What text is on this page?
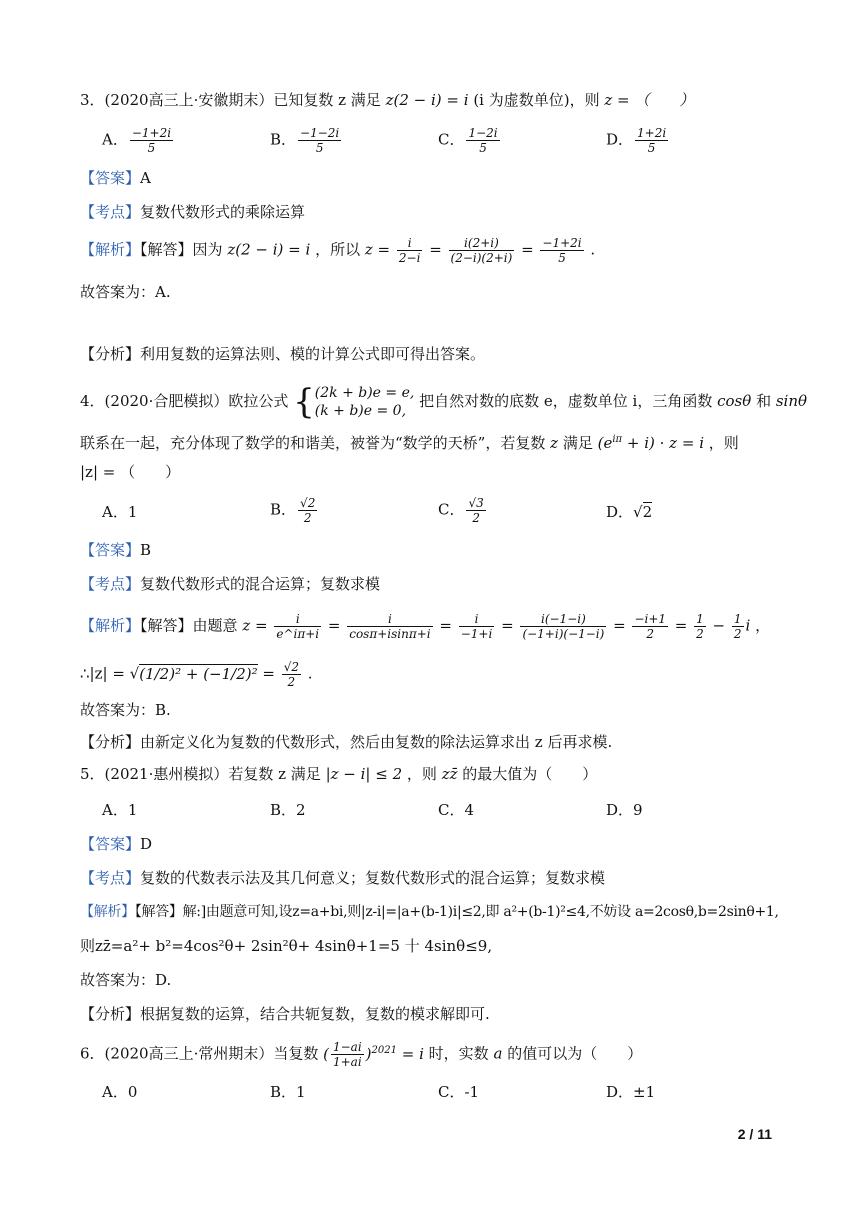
3．(2020高三上·安徽期末）已知复数 z 满足 z(2 − i) = i (i 为虚数单位)，则 z = （　　）
A． $\frac{-1+2i}{5}$	B． $\frac{-1-2i}{5}$	C． $\frac{1-2i}{5}$	D． $\frac{1+2i}{5}$
【答案】A
【考点】复数代数形式的乘除运算
【解析】【解答】因为 z(2 − i) = i ，所以 $z = \frac{i}{2-i} = \frac{i(2+i)}{(2-i)(2+i)} = \frac{-1+2i}{5}$ .
故答案为：A.
【分析】利用复数的运算法则、模的计算公式即可得出答案。
4．(2020·合肥模拟）欧拉公式 { (2k + b)e = e,
(k + b)e = 0,
把自然对数的底数 e，虚数单位 i，三角函数 cosθ 和 sinθ
联系在一起，充分体现了数学的和谐美，被誉为“数学的天桥”，若复数 z 满足 $(e^{i\pi} + i) \cdot z = i$ ，则
|z| = （　　）
A．1	B． $\frac{√2}{2}$	C． $\frac{√3}{2}$	D．√2
【答案】B
【考点】复数代数形式的混合运算；复数求模
【解析】【解答】由题意 $z = \frac{i}{e\^{}i\pi+i} = \frac{i}{\cos\pi+isin\pi+i} = \frac{i}{-1+i} = \frac{i(-1-i)}{(-1+i)(-1-i)} = \frac{-i+1}{2} = \frac{1}{2} - \frac{1}{2}$ i ，
∴|z| = $√(1/2)^2 + (-1/2)^2 = \frac{√2}{2}$ .
故答案为：B.
【分析】由新定义化为复数的代数形式，然后由复数的除法运算求出 z 后再求模.
5．(2021·惠州模拟）若复数 z 满足 |z − i| ≤ 2 ，则 zz̄ 的最大值为（　　）
A．1	B．2	C．4	D．9
【答案】D
【考点】复数的代数表示法及其几何意义；复数代数形式的混合运算；复数求模
【解析】【解答】解:]由题意可知,设z=a+bi,则|z-i|=|a+(b-1)i|≤2,即 a²+(b-1)²≤4,不妨设 a=2cosθ,b=2sinθ+1,
则zz̄=a²+ b²=4cos²θ+ 2sin²θ+ 4sinθ+1=5 十 4sinθ≤9,
故答案为：D.
【分析】根据复数的运算，结合共轭复数，复数的模求解即可.
6．(2020高三上·常州期末）当复数 ( $\frac{1-ai}{1+ai} )^{2021} = i$ 时，实数 a 的值可以为（　　）
A．0	B．1	C．-1	D．±1
2 / 11
